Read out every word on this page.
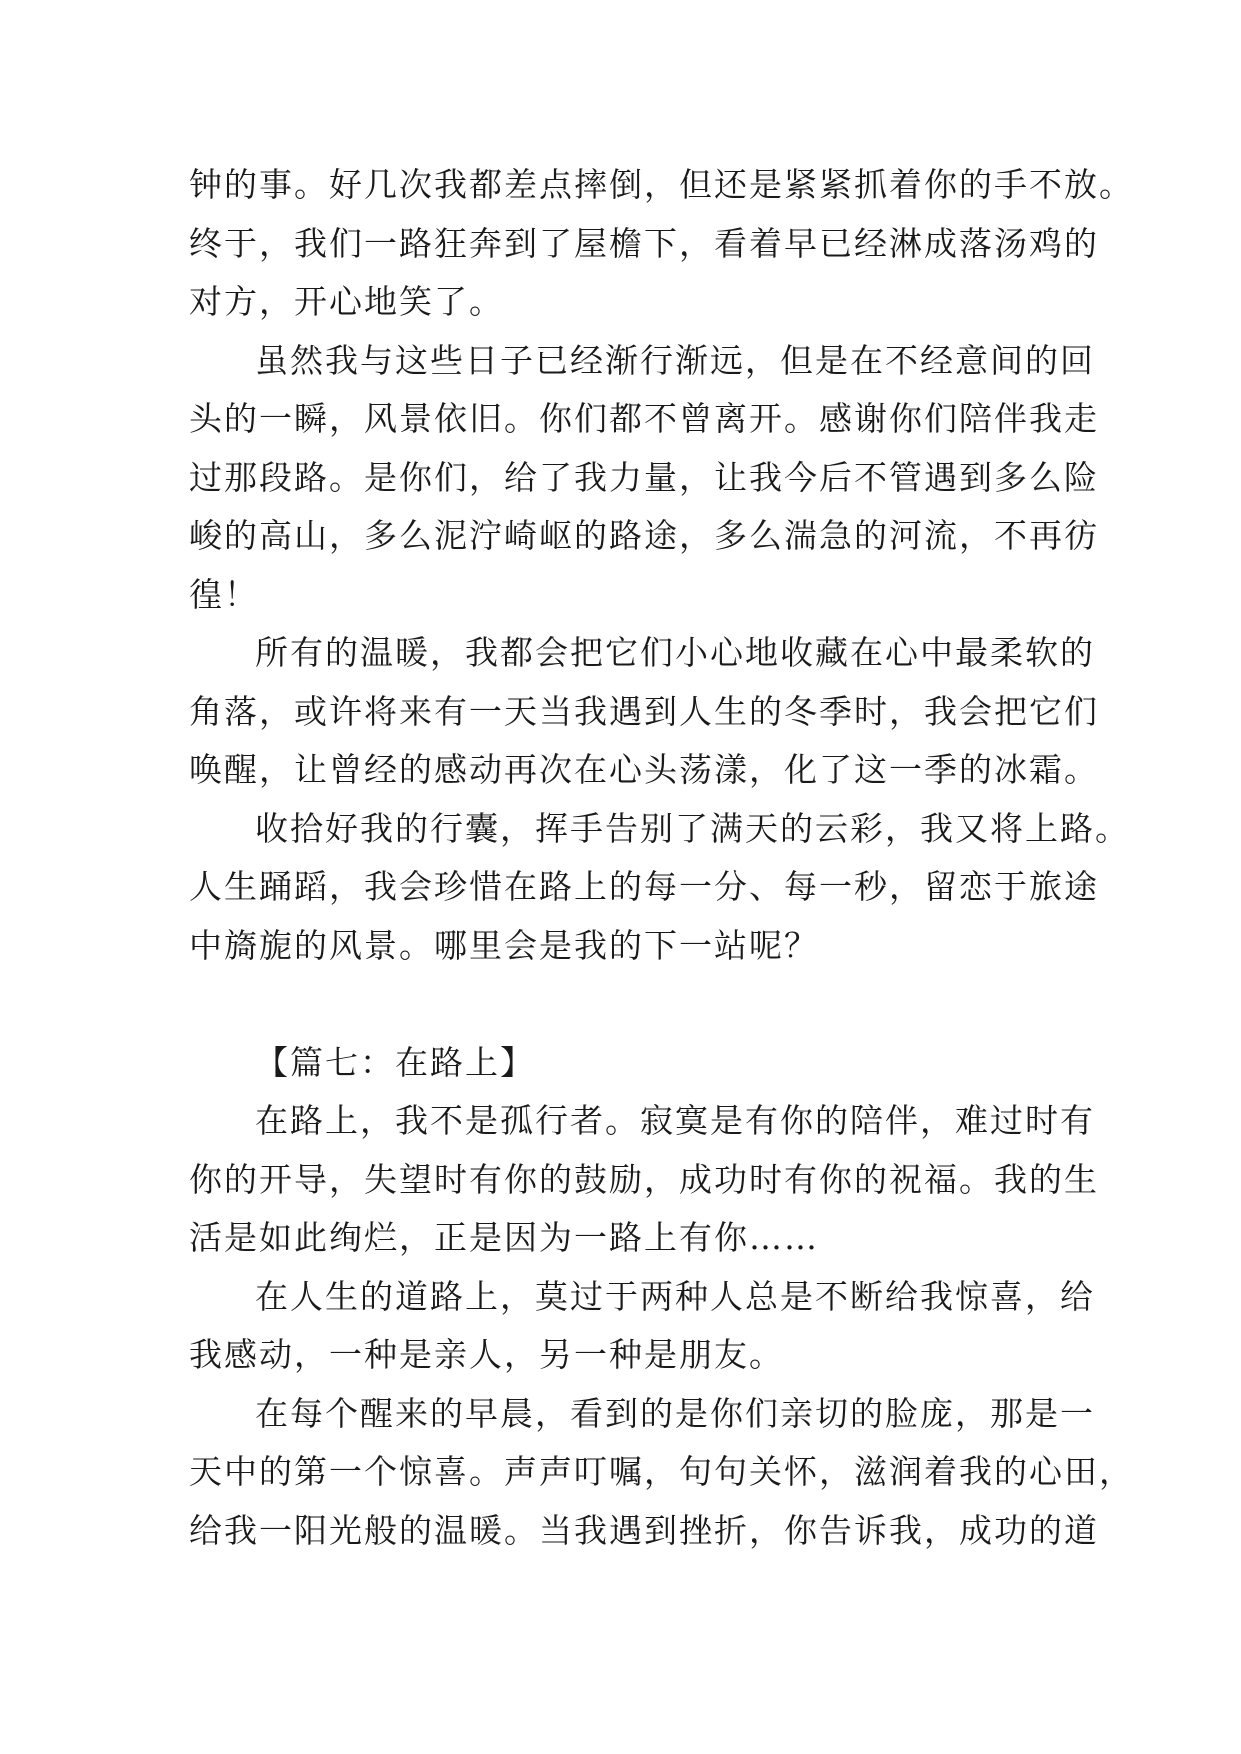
钟的事。好几次我都差点摔倒，但还是紧紧抓着你的手不放。
终于，我们一路狂奔到了屋檐下，看着早已经淋成落汤鸡的
对方，开心地笑了。
虽然我与这些日子已经渐行渐远，但是在不经意间的回
头的一瞬，风景依旧。你们都不曾离开。感谢你们陪伴我走
过那段路。是你们，给了我力量，让我今后不管遇到多么险
峻的高山，多么泥泞崎岖的路途，多么湍急的河流，不再彷
徨！
所有的温暖，我都会把它们小心地收藏在心中最柔软的
角落，或许将来有一天当我遇到人生的冬季时，我会把它们
唤醒，让曾经的感动再次在心头荡漾，化了这一季的冰霜。
收拾好我的行囊，挥手告别了满天的云彩，我又将上路。
人生踊蹈，我会珍惜在路上的每一分、每一秒，留恋于旅途
中旖旎的风景。哪里会是我的下一站呢？
【篇七：在路上】
在路上，我不是孤行者。寂寞是有你的陪伴，难过时有
你的开导，失望时有你的鼓励，成功时有你的祝福。我的生
活是如此绚烂，正是因为一路上有你……
在人生的道路上，莫过于两种人总是不断给我惊喜，给
我感动，一种是亲人，另一种是朋友。
在每个醒来的早晨，看到的是你们亲切的脸庞，那是一
天中的第一个惊喜。声声叮嘱，句句关怀，滋润着我的心田，
给我一阳光般的温暖。当我遇到挫折，你告诉我，成功的道
